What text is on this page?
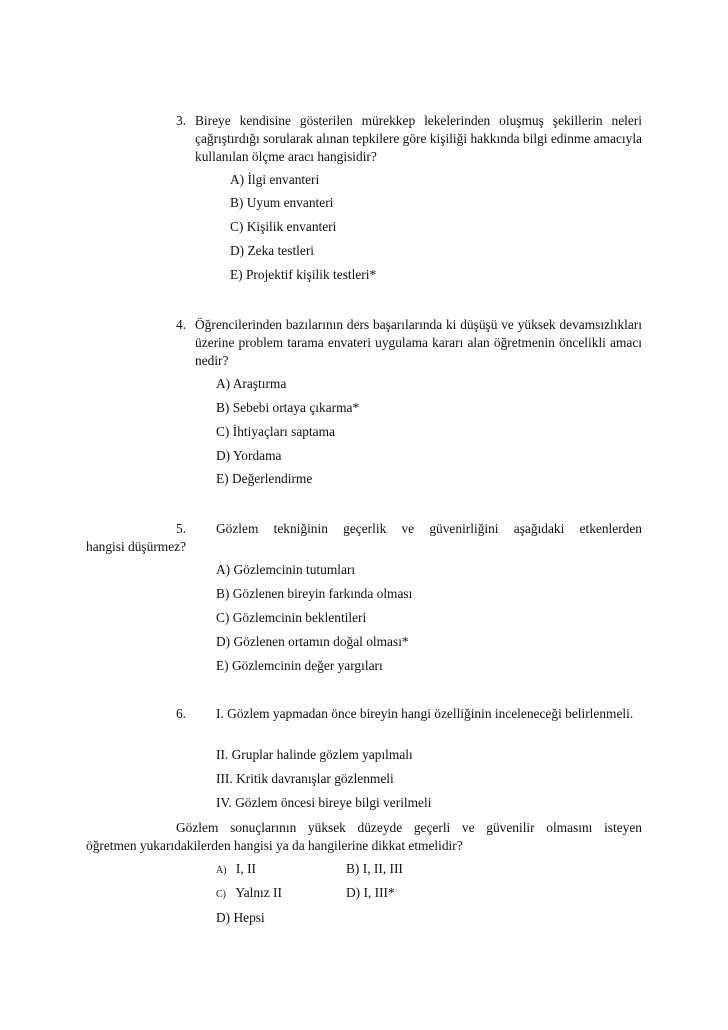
3. Bireye kendisine gösterilen mürekkep lekelerinden oluşmuş şekillerin neleri çağrıştırdığı sorularak alınan tepkilere göre kişiliği hakkında bilgi edinme amacıyla kullanılan ölçme aracı hangisidir?
A) İlgi envanteri
B) Uyum envanteri
C) Kişilik envanteri
D) Zeka testleri
E) Projektif kişilik testleri*
4. Öğrencilerinden bazılarının ders başarılarında ki düşüşü ve yüksek devamsızlıkları üzerine problem tarama envateri uygulama kararı alan öğretmenin öncelikli amacı nedir?
A) Araştırma
B) Sebebi ortaya çıkarma*
C) İhtiyaçları saptama
D) Yordama
E) Değerlendirme
5. Gözlem tekniğinin geçerlik ve güvenirliğini aşağıdaki etkenlerden
hangisi düşürmez?
A) Gözlemcinin tutumları
B) Gözlenen bireyin farkında olması
C) Gözlemcinin beklentileri
D) Gözlenen ortamın doğal olması*
E) Gözlemcinin değer yargıları
6. I. Gözlem yapmadan önce bireyin hangi özelliğinin inceleneceği belirlenmeli.
II. Gruplar halinde gözlem yapılmalı
III. Kritik davranışlar gözlenmeli
IV. Gözlem öncesi bireye bilgi verilmeli
Gözlem sonuçlarının yüksek düzeyde geçerli ve güvenilir olmasını isteyen
öğretmen yukarıdakilerden hangisi ya da hangilerine dikkat etmelidir?
A) I, II	B) I, II, III
C) Yalnız II	D) I, III*
D) Hepsi
